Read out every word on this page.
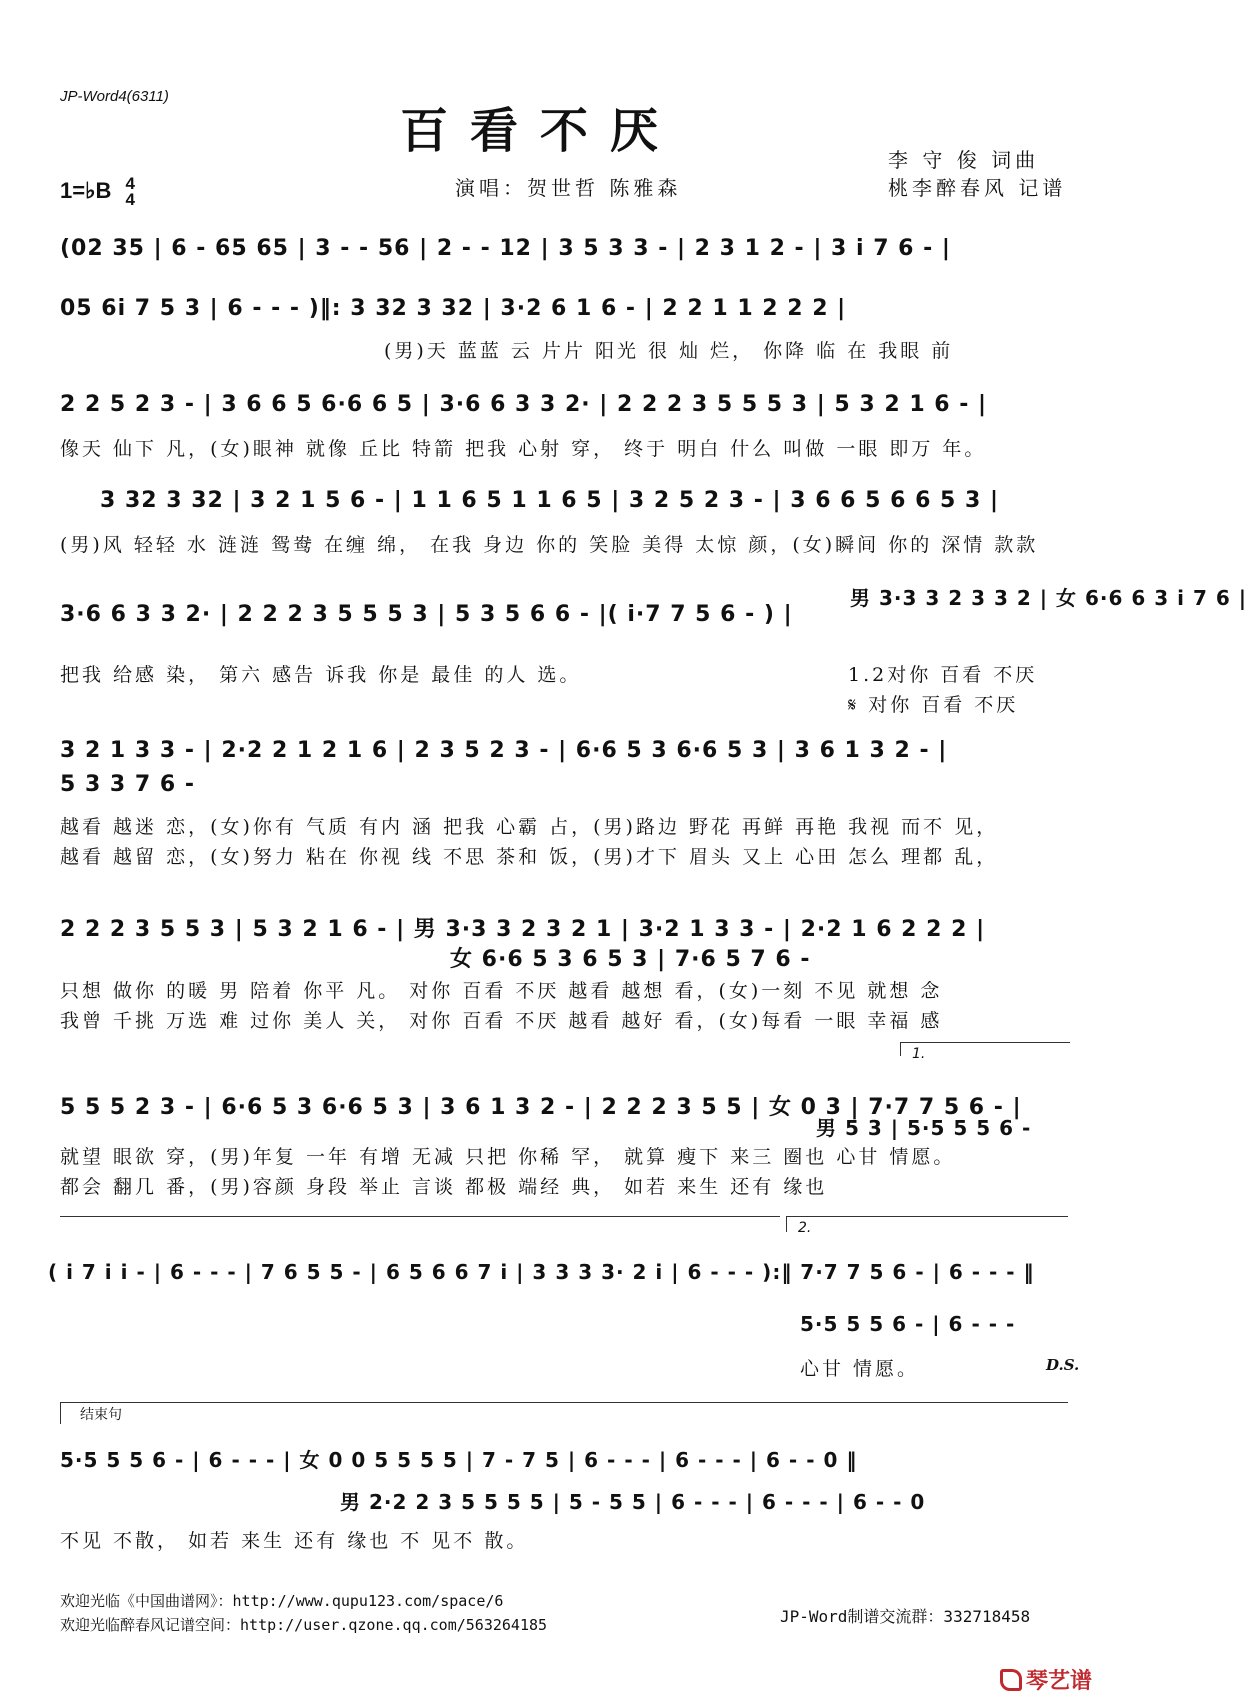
JP-Word4(6311)
百看不厌
1=♭B 4
4	演唱：贺世哲 陈雅森
李 守 俊 词曲
桃李醉春风 记谱
(02 35 | 6 - 65 65 | 3 - - 56 | 2 - - 12 | 3 5 3 3 - | 2 3 1 2 - | 3 i 7 6 - |
05 6i 7 5 3 | 6 - - - )‖: 3 32 3 32 | 3·2 6 1 6 - | 2 2 1 1 2 2 2 |
(男)天 蓝蓝 云 片片 阳光 很 灿 烂， 你降 临 在 我眼 前
2 2 5 2 3 - | 3 6 6 5 6·6 6 5 | 3·6 6 3 3 2· | 2 2 2 3 5 5 5 3 | 5 3 2 1 6 - |
像天 仙下 凡，(女)眼神 就像 丘比 特箭 把我 心射 穿， 终于 明白 什么 叫做 一眼 即万 年。
3 32 3 32 | 3 2 1 5 6 - | 1 1 6 5 1 1 6 5 | 3 2 5 2 3 - | 3 6 6 5 6 6 5 3 |
(男)风 轻轻 水 涟涟 鸳鸯 在缠 绵， 在我 身边 你的 笑脸 美得 太惊 颜，(女)瞬间 你的 深情 款款
3·6 6 3 3 2· | 2 2 2 3 5 5 5 3 | 5 3 5 6 6 - |( i·7 7 5 6 - ) |
把我 给感 染， 第六 感告 诉我 你是 最佳 的人 选。
男 3·3 3 2 3 3 2 | 女 6·6 6 3 i 7 6 |
1.2对你 百看 不厌
𝄋 对你 百看 不厌
3 2 1 3 3 - | 2·2 2 1 2 1 6 | 2 3 5 2 3 - | 6·6 5 3 6·6 5 3 | 3 6 1 3 2 - |
5 3 3 7 6 -
越看 越迷 恋，(女)你有 气质 有内 涵 把我 心霸 占，(男)路边 野花 再鲜 再艳 我视 而不 见，
越看 越留 恋，(女)努力 粘在 你视 线 不思 茶和 饭，(男)才下 眉头 又上 心田 怎么 理都 乱，
2 2 2 3 5 5 3 | 5 3 2 1 6 - | 男 3·3 3 2 3 2 1 | 3·2 1 3 3 - | 2·2 1 6 2 2 2 |
女 6·6 5 3 6 5 3 | 7·6 5 7 6 -
只想 做你 的暖 男 陪着 你平 凡。 对你 百看 不厌 越看 越想 看，(女)一刻 不见 就想 念
我曾 千挑 万选 难 过你 美人 关， 对你 百看 不厌 越看 越好 看，(女)每看 一眼 幸福 感
1.
5 5 5 2 3 - | 6·6 5 3 6·6 5 3 | 3 6 1 3 2 - | 2 2 2 3 5 5 | 女 0 3 | 7·7 7 5 6 - |
男 5 3 | 5·5 5 5 6 -
就望 眼欲 穿，(男)年复 一年 有增 无减 只把 你稀 罕， 就算 瘦下 来三 圈也 心甘 情愿。
都会 翻几 番，(男)容颜 身段 举止 言谈 都极 端经 典， 如若 来生 还有 缘也
2.
( i 7 i i - | 6 - - - | 7 6 5 5 - | 6 5 6 6 7 i | 3 3 3 3· 2 i | 6 - - - ):‖ 7·7 7 5 6 - | 6 - - - ‖
5·5 5 5 6 - | 6 - - -
心甘 情愿。	D.S.
结束句
5·5 5 5 6 - | 6 - - - | 女 0 0 5 5 5 5 | 7 - 7 5 | 6 - - - | 6 - - - | 6 - - 0 ‖
男 2·2 2 3 5 5 5 5 | 5 - 5 5 | 6 - - - | 6 - - - | 6 - - 0
不见 不散， 如若 来生 还有 缘也 不 见不 散。
欢迎光临《中国曲谱网》：http://www.qupu123.com/space/6
欢迎光临醉春风记谱空间：http://user.qzone.qq.com/563264185	JP-Word制谱交流群：332718458
琴艺谱
